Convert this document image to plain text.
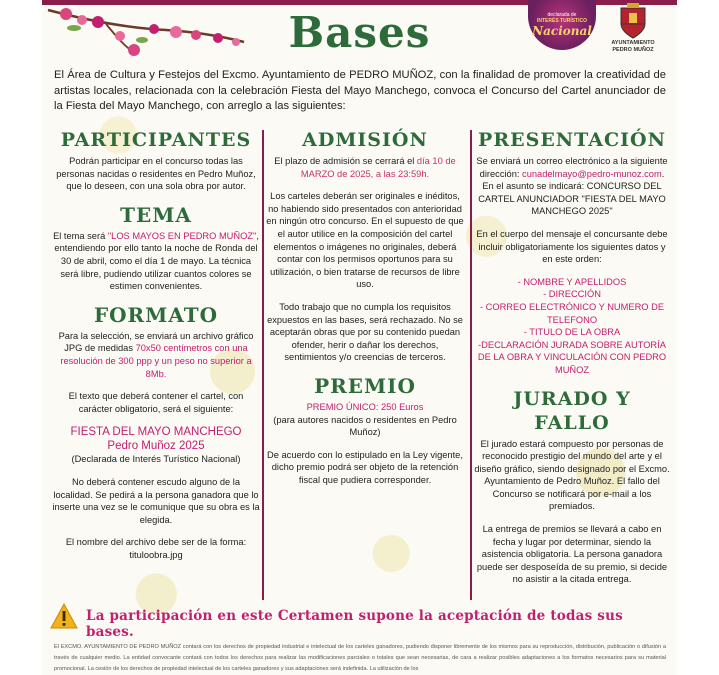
Bases	declarada de
INTERÉS TURÍSTICO
Nacional
AYUNTAMIENTO PEDRO MUÑOZ
El Área de Cultura y Festejos del Excmo. Ayuntamiento de PEDRO MUÑOZ, con la finalidad de promover la creatividad de artistas locales, relacionada con la celebración Fiesta del Mayo Manchego, convoca el Concurso del Cartel anunciador de la Fiesta del Mayo Manchego, con arreglo a las siguientes:
PARTICIPANTES

Podrán participar en el concurso todas las personas nacidas o residentes en Pedro Muñoz, que lo deseen, con una sola obra por autor.

TEMA

El tema será "LOS MAYOS EN PEDRO MUÑOZ", entendiendo por ello tanto la noche de Ronda del 30 de abril, como el día 1 de mayo. La técnica será libre, pudiendo utilizar cuantos colores se estimen convenientes.

FORMATO

Para la selección, se enviará un archivo gráfico JPG de medidas 70x50 centímetros con una resolución de 300 ppp y un peso no superior a 8Mb.

El texto que deberá contener el cartel, con carácter obligatorio, será el siguiente:

FIESTA DEL MAYO MANCHEGO
Pedro Muñoz 2025

(Declarada de Interés Turístico Nacional)

No deberá contener escudo alguno de la localidad. Se pedirá a la persona ganadora que lo inserte una vez se le comunique que su obra es la elegida.

El nombre del archivo debe ser de la forma: tituloobra.jpg

ADMISIÓN

El plazo de admisión se cerrará el día 10 de MARZO de 2025, a las 23:59h.

Los carteles deberán ser originales e inéditos, no habiendo sido presentados con anterioridad en ningún otro concurso. En el supuesto de que el autor utilice en la composición del cartel elementos o imágenes no originales, deberá contar con los permisos oportunos para su utilización, o bien tratarse de recursos de libre uso.

Todo trabajo que no cumpla los requisitos expuestos en las bases, será rechazado. No se aceptarán obras que por su contenido puedan ofender, herir o dañar los derechos, sentimientos y/o creencias de terceros.

PREMIO
PREMIO ÚNICO: 250 Euros

(para autores nacidos o residentes en Pedro Muñoz)

De acuerdo con lo estipulado en la Ley vigente, dicho premio podrá ser objeto de la retención fiscal que pudiera corresponder.

PRESENTACIÓN

Se enviará un correo electrónico a la siguiente dirección: cunadelmayo@pedro-munoz.com. En el asunto se indicará: CONCURSO DEL CARTEL ANUNCIADOR "FIESTA DEL MAYO MANCHEGO 2025"

En el cuerpo del mensaje el concursante debe incluir obligatoriamente los siguientes datos y en este orden:

- NOMBRE Y APELLIDOS
- DIRECCIÓN
- CORREO ELECTRÓNICO Y NUMERO DE TELEFONO
- TITULO DE LA OBRA
-DECLARACIÓN JURADA SOBRE AUTORÍA DE LA OBRA Y VINCULACIÓN CON PEDRO MUÑOZ
JURADO Y FALLO

El jurado estará compuesto por personas de reconocido prestigio del mundo del arte y el diseño gráfico, siendo designado por el Excmo. Ayuntamiento de Pedro Muñoz. El fallo del Concurso se notificará por e-mail a los premiados.

La entrega de premios se llevará a cabo en fecha y lugar por determinar, siendo la asistencia obligatoria. La persona ganadora puede ser desposeída de su premio, si decide no asistir a la citada entrega.

La participación en este Certamen supone la aceptación de todas sus bases.
El EXCMO. AYUNTAMIENTO DE PEDRO MUÑOZ contará con los derechos de propiedad industrial e intelectual de los carteles ganadores, pudiendo disponer libremente de los mismos para su reproducción, distribución, publicación o difusión a través de cualquier medio. La entidad convocante contará con todos los derechos para realizar las modificaciones parciales o totales que sean necesarias, de cara a realizar posibles adaptaciones a los formatos necesarios para su material promocional. La cesión de los derechos de propiedad intelectual de los carteles ganadores y sus adaptaciones será indefinida. La utilización de los
